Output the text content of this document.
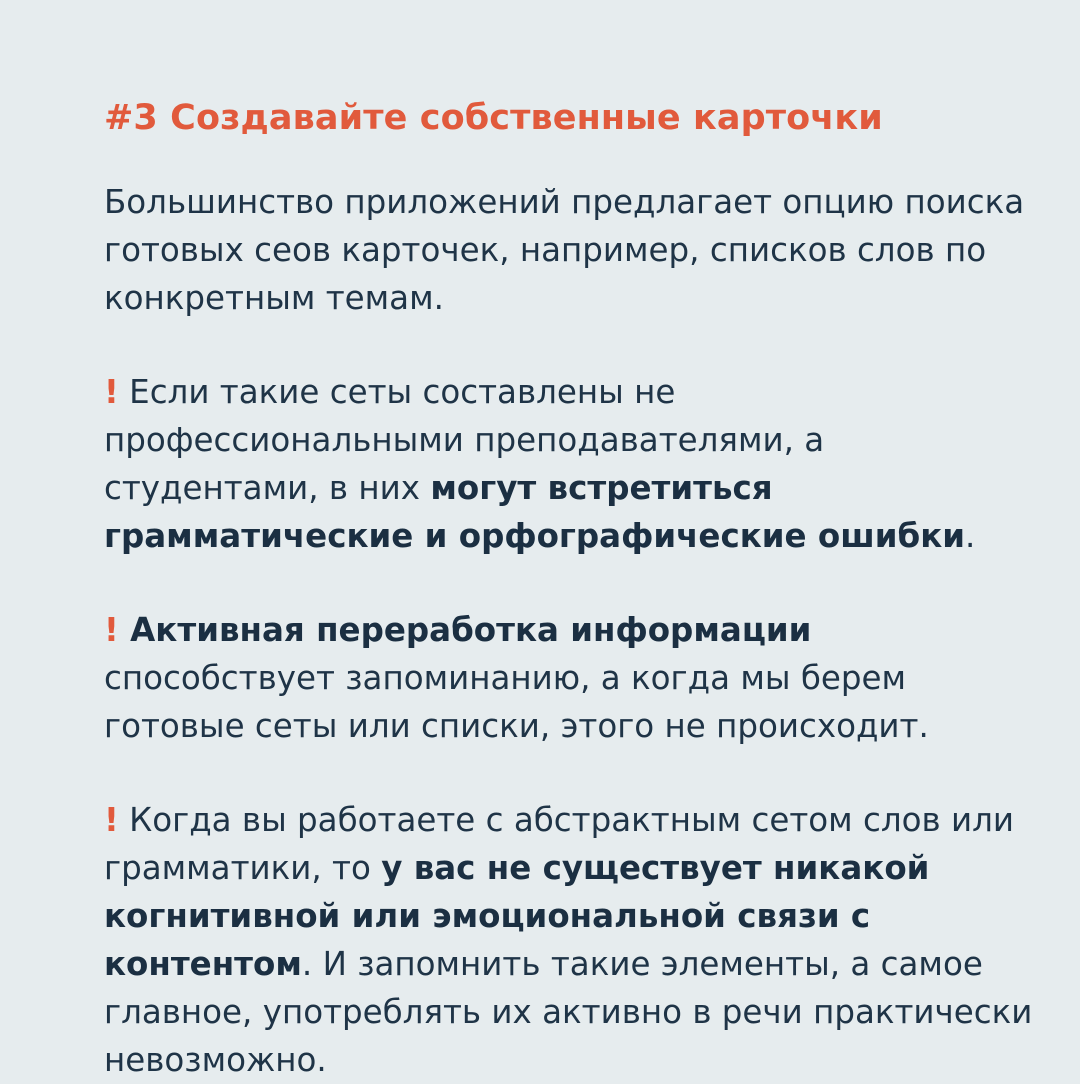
#3 Создавайте собственные карточки

Большинство приложений предлагает опцию поиска готовых сеов карточек, например, списков слов по конкретным темам.

! Если такие сеты составлены не профессиональными преподавателями, а студентами, в них могут встретиться грамматические и орфографические ошибки.

! Активная переработка информации способствует запоминанию, а когда мы берем готовые сеты или списки, этого не происходит.

! Когда вы работаете с абстрактным сетом слов или грамматики, то у вас не существует никакой когнитивной или эмоциональной связи с контентом. И запомнить такие элементы, а самое главное, употреблять их активно в речи практически невозможно.
